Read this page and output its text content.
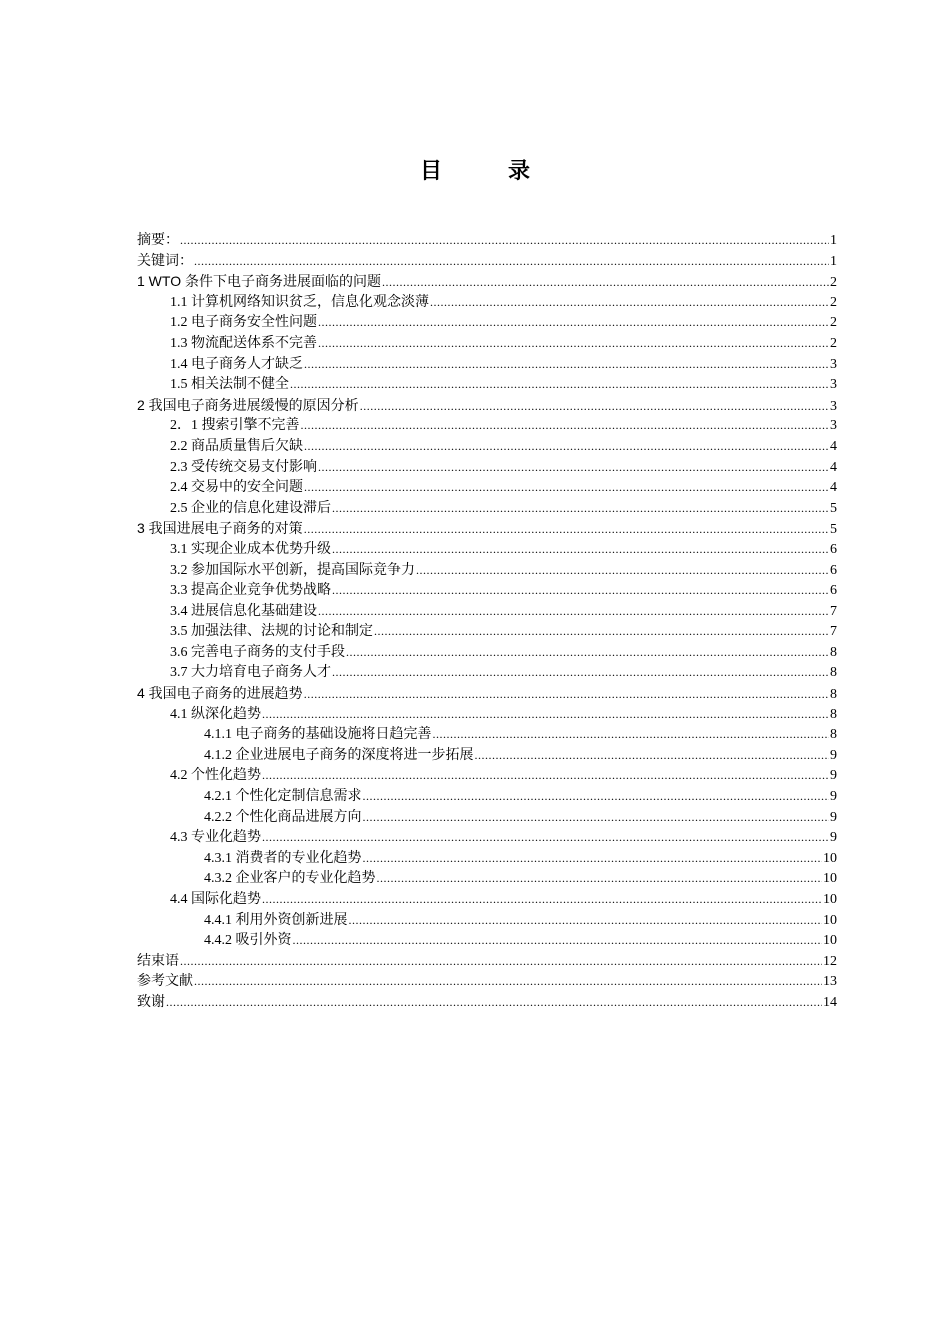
目 录
摘要： .....	1
关键词： .....	1
1 WTO 条件下电子商务进展面临的问题 .....	2
1.1 计算机网络知识贫乏，信息化观念淡薄 .....	2
1.2 电子商务安全性问题 .....	2
1.3 物流配送体系不完善 .....	2
1.4 电子商务人才缺乏 .....	3
1.5 相关法制不健全 .....	3
2 我国电子商务进展缓慢的原因分析 .....	3
2．1 搜索引擎不完善 .....	3
2.2 商品质量售后欠缺 .....	4
2.3 受传统交易支付影响 .....	4
2.4 交易中的安全问题 .....	4
2.5 企业的信息化建设滞后 .....	5
3 我国进展电子商务的对策 .....	5
3.1 实现企业成本优势升级 .....	6
3.2 参加国际水平创新，提高国际竞争力 .....	6
3.3 提高企业竞争优势战略 .....	6
3.4 进展信息化基础建设 .....	7
3.5 加强法律、法规的讨论和制定 .....	7
3.6 完善电子商务的支付手段 .....	8
3.7 大力培育电子商务人才 .....	8
4 我国电子商务的进展趋势 .....	8
4.1 纵深化趋势 .....	8
4.1.1 电子商务的基础设施将日趋完善 .....	8
4.1.2 企业进展电子商务的深度将进一步拓展 .....	9
4.2 个性化趋势 .....	9
4.2.1 个性化定制信息需求 .....	9
4.2.2 个性化商品进展方向 .....	9
4.3 专业化趋势 .....	9
4.3.1 消费者的专业化趋势 .....	10
4.3.2 企业客户的专业化趋势 .....	10
4.4 国际化趋势 .....	10
4.4.1 利用外资创新进展 .....	10
4.4.2 吸引外资 .....	10
结束语 .....	12
参考文献 .....	13
致谢 .....	14
